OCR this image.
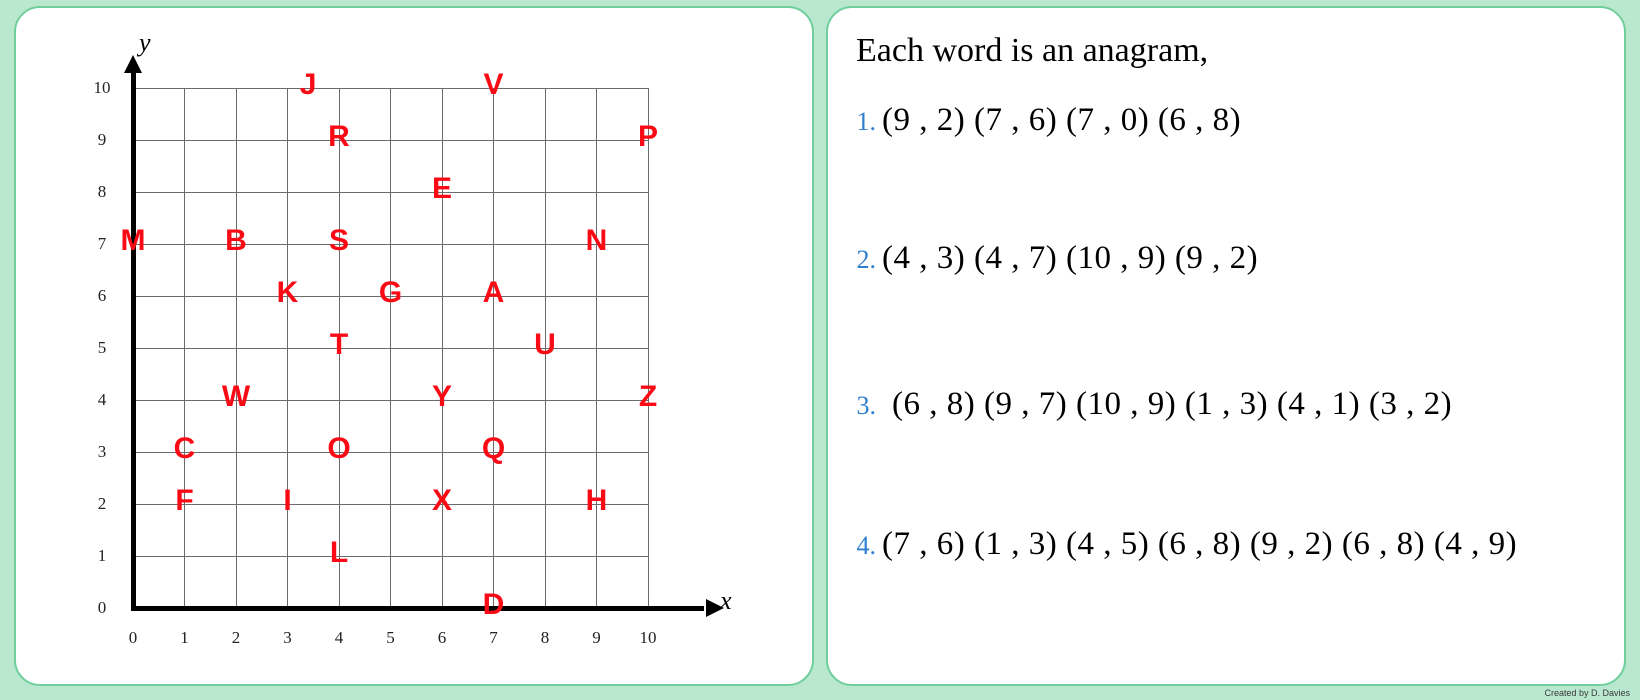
y
x
0	1	2	3	4	5	6	7	8	9	10
0
1
2
3
4
5
6
7
8
9
10
M
C
F
B
W
K
I
J
R
S
T
O
L
G
E
Y
X
V
A
Q
D
U
N
H
P
Z
Each word is an anagram,
1. (9 , 2) (7 , 6) (7 , 0) (6 , 8)
2. (4 , 3) (4 , 7) (10 , 9) (9 , 2)
3. (6 , 8) (9 , 7) (10 , 9) (1 , 3) (4 , 1) (3 , 2)
4. (7 , 6) (1 , 3) (4 , 5) (6 , 8) (9 , 2) (6 , 8) (4 , 9)
Created by D. Davies
